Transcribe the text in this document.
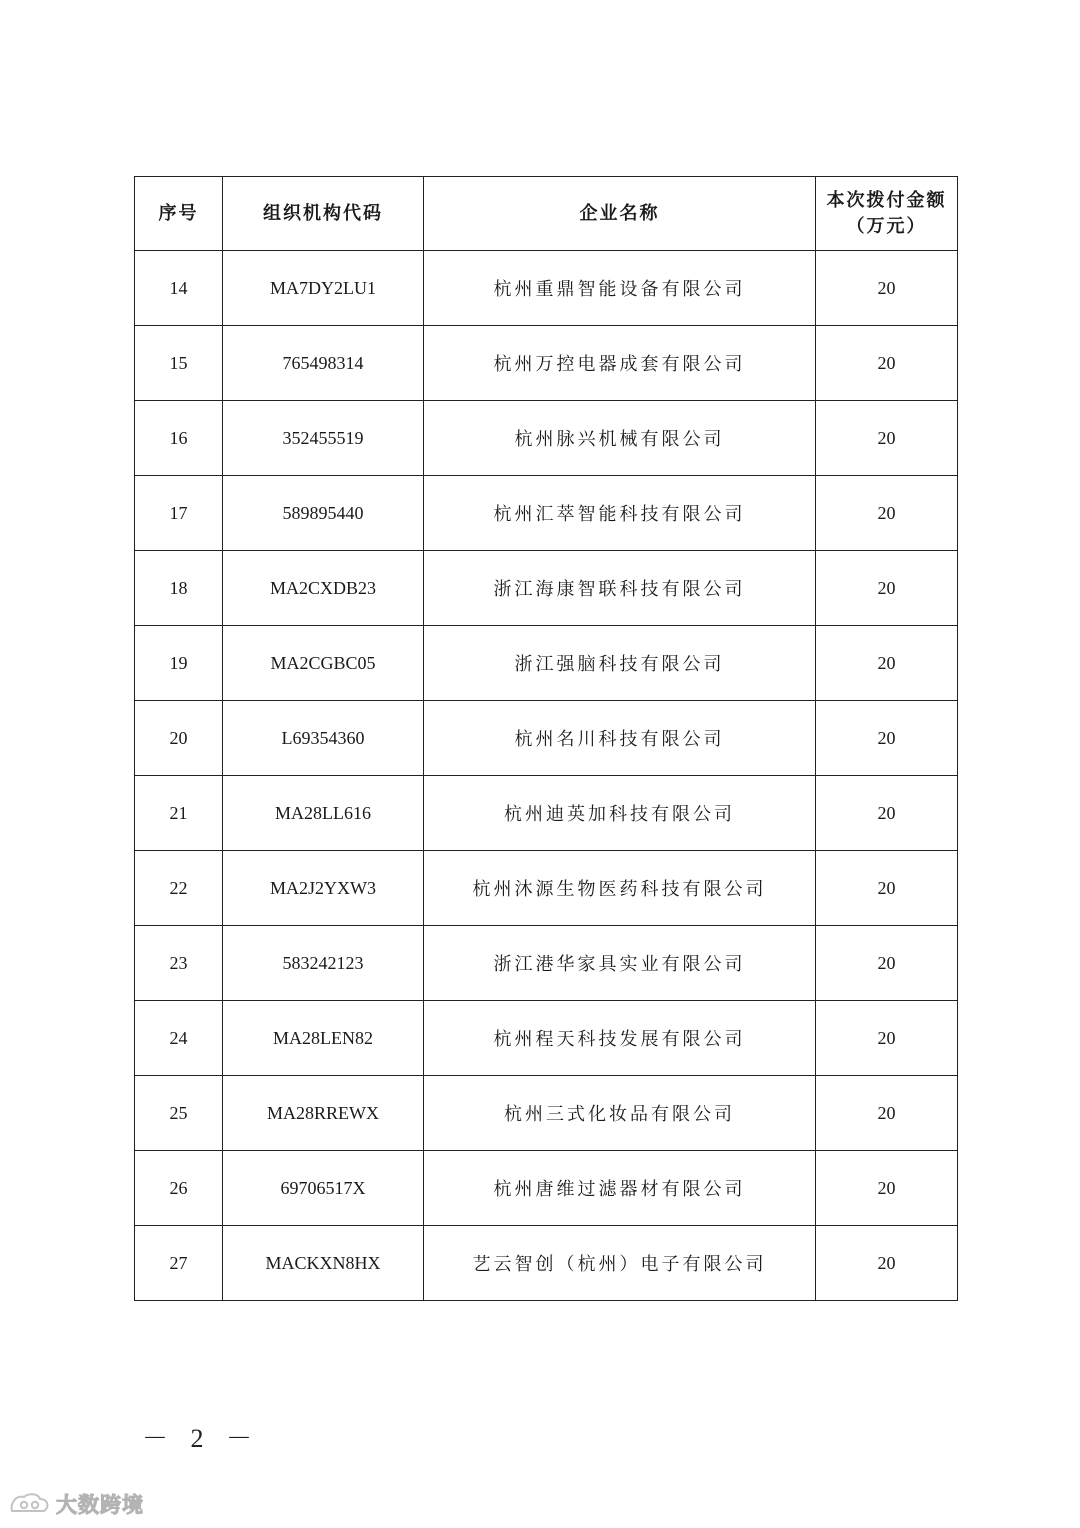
序号	组织机构代码	企业名称	本次拨付金额
（万元）

14	MA7DY2LU1	杭州重鼎智能设备有限公司	20
15	765498314	杭州万控电器成套有限公司	20
16	352455519	杭州脉兴机械有限公司	20
17	589895440	杭州汇萃智能科技有限公司	20
18	MA2CXDB23	浙江海康智联科技有限公司	20
19	MA2CGBC05	浙江强脑科技有限公司	20
20	L69354360	杭州名川科技有限公司	20
21	MA28LL616	杭州迪英加科技有限公司	20
22	MA2J2YXW3	杭州沐源生物医药科技有限公司	20
23	583242123	浙江港华家具实业有限公司	20
24	MA28LEN82	杭州程天科技发展有限公司	20
25	MA28RREWX	杭州三式化妆品有限公司	20
26	69706517X	杭州唐维过滤器材有限公司	20
27	MACKXN8HX	艺云智创（杭州）电子有限公司	20
－ 2 －
大数跨境
